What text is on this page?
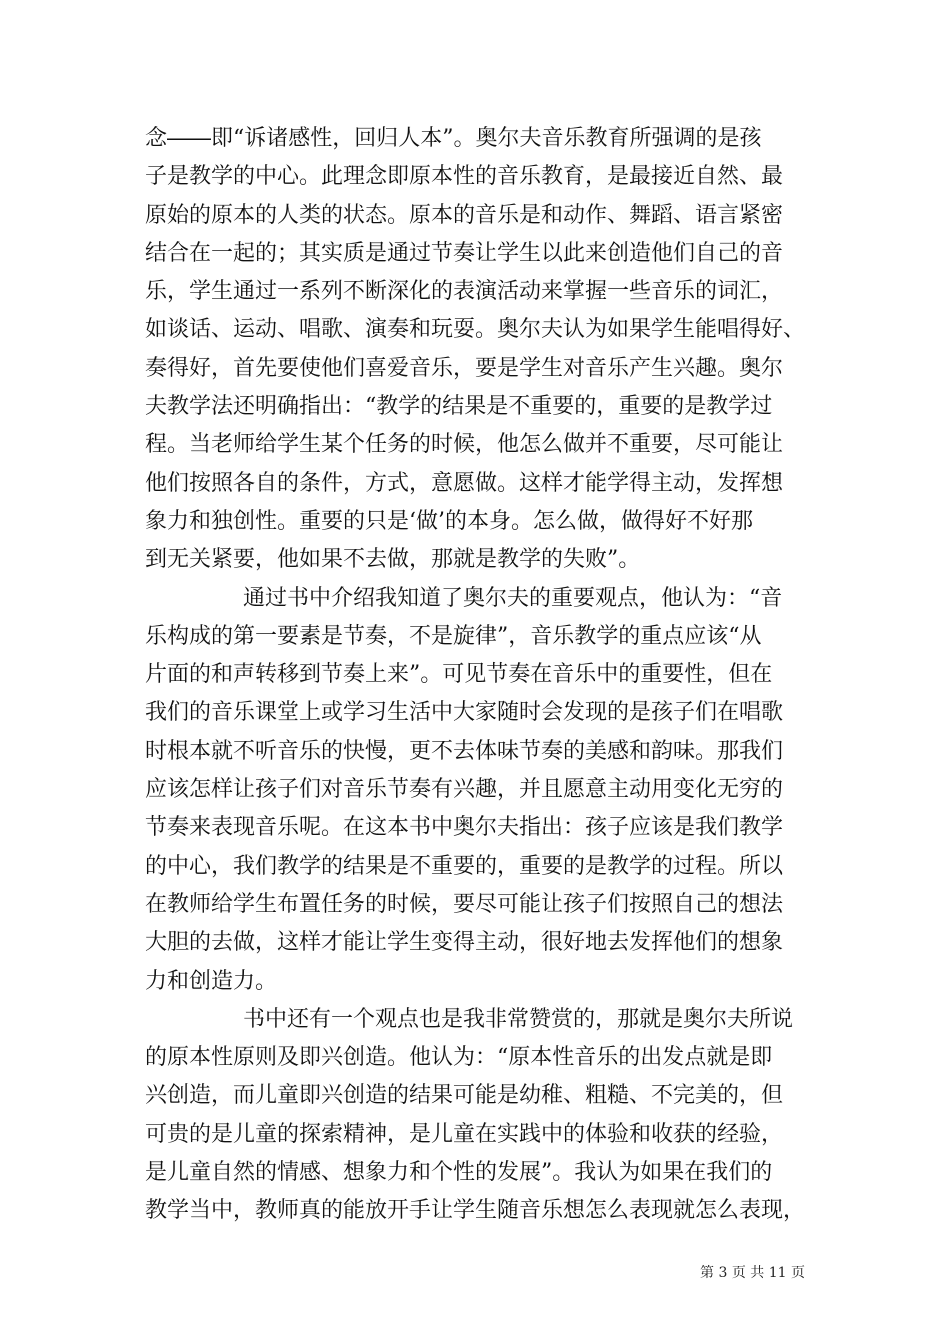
念――即“诉诸感性，回归人本”。奥尔夫音乐教育所强调的是孩
子是教学的中心。此理念即原本性的音乐教育，是最接近自然、最
原始的原本的人类的状态。原本的音乐是和动作、舞蹈、语言紧密
结合在一起的；其实质是通过节奏让学生以此来创造他们自己的音
乐，学生通过一系列不断深化的表演活动来掌握一些音乐的词汇，
如谈话、运动、唱歌、演奏和玩耍。奥尔夫认为如果学生能唱得好、
奏得好，首先要使他们喜爱音乐，要是学生对音乐产生兴趣。奥尔
夫教学法还明确指出：“教学的结果是不重要的，重要的是教学过
程。当老师给学生某个任务的时候，他怎么做并不重要，尽可能让
他们按照各自的条件，方式，意愿做。这样才能学得主动，发挥想
象力和独创性。重要的只是‘做’的本身。怎么做，做得好不好那
到无关紧要，他如果不去做，那就是教学的失败”。
通过书中介绍我知道了奥尔夫的重要观点，他认为：“音
乐构成的第一要素是节奏，不是旋律”，音乐教学的重点应该“从
片面的和声转移到节奏上来”。可见节奏在音乐中的重要性，但在
我们的音乐课堂上或学习生活中大家随时会发现的是孩子们在唱歌
时根本就不听音乐的快慢，更不去体味节奏的美感和韵味。那我们
应该怎样让孩子们对音乐节奏有兴趣，并且愿意主动用变化无穷的
节奏来表现音乐呢。在这本书中奥尔夫指出：孩子应该是我们教学
的中心，我们教学的结果是不重要的，重要的是教学的过程。所以
在教师给学生布置任务的时候，要尽可能让孩子们按照自己的想法
大胆的去做，这样才能让学生变得主动，很好地去发挥他们的想象
力和创造力。
书中还有一个观点也是我非常赞赏的，那就是奥尔夫所说
的原本性原则及即兴创造。他认为：“原本性音乐的出发点就是即
兴创造，而儿童即兴创造的结果可能是幼稚、粗糙、不完美的，但
可贵的是儿童的探索精神，是儿童在实践中的体验和收获的经验，
是儿童自然的情感、想象力和个性的发展”。我认为如果在我们的
教学当中，教师真的能放开手让学生随音乐想怎么表现就怎么表现，
第 3 页 共 11 页
